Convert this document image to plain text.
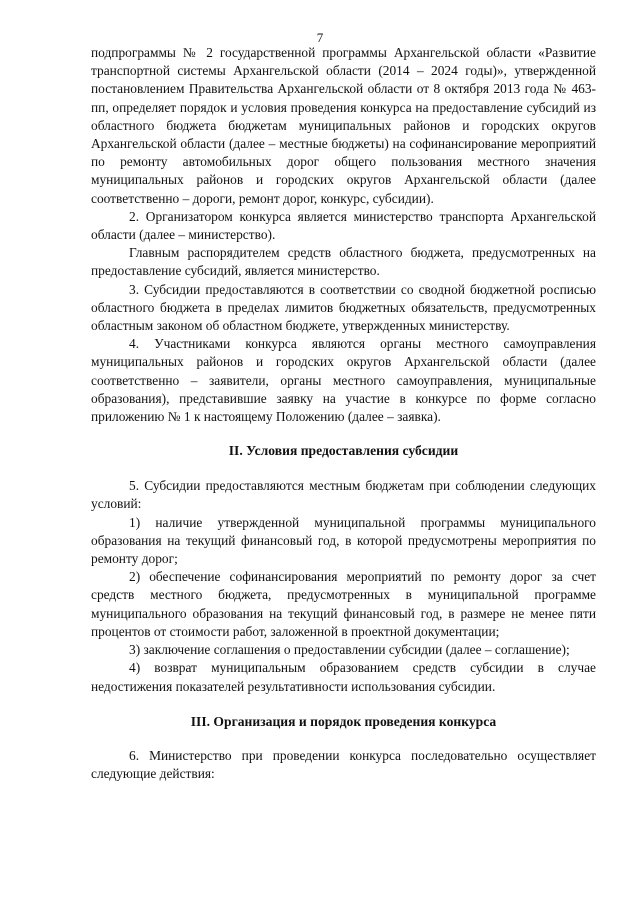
7

подпрограммы № 2 государственной программы Архангельской области «Развитие транспортной системы Архангельской области (2014 – 2024 годы)», утвержденной постановлением Правительства Архангельской области от 8 октября 2013 года № 463-пп, определяет порядок и условия проведения конкурса на предоставление субсидий из областного бюджета бюджетам муниципальных районов и городских округов Архангельской области (далее – местные бюджеты) на софинансирование мероприятий по ремонту автомобильных дорог общего пользования местного значения муниципальных районов и городских округов Архангельской области (далее соответственно – дороги, ремонт дорог, конкурс, субсидии).

2. Организатором конкурса является министерство транспорта Архангельской области (далее – министерство).

Главным распорядителем средств областного бюджета, предусмотренных на предоставление субсидий, является министерство.

3. Субсидии предоставляются в соответствии со сводной бюджетной росписью областного бюджета в пределах лимитов бюджетных обязательств, предусмотренных областным законом об областном бюджете, утвержденных министерству.

4. Участниками конкурса являются органы местного самоуправления муниципальных районов и городских округов Архангельской области (далее соответственно – заявители, органы местного самоуправления, муниципальные образования), представившие заявку на участие в конкурсе по форме согласно приложению № 1 к настоящему Положению (далее – заявка).

II. Условия предоставления субсидии

5. Субсидии предоставляются местным бюджетам при соблюдении следующих условий:

1) наличие утвержденной муниципальной программы муниципального образования на текущий финансовый год, в которой предусмотрены мероприятия по ремонту дорог;

2) обеспечение софинансирования мероприятий по ремонту дорог за счет средств местного бюджета, предусмотренных в муниципальной программе муниципального образования на текущий финансовый год, в размере не менее пяти процентов от стоимости работ, заложенной в проектной документации;

3) заключение соглашения о предоставлении субсидии (далее – соглашение);

4) возврат муниципальным образованием средств субсидии в случае недостижения показателей результативности использования субсидии.

III. Организация и порядок проведения конкурса

6. Министерство при проведении конкурса последовательно осуществляет следующие действия:
